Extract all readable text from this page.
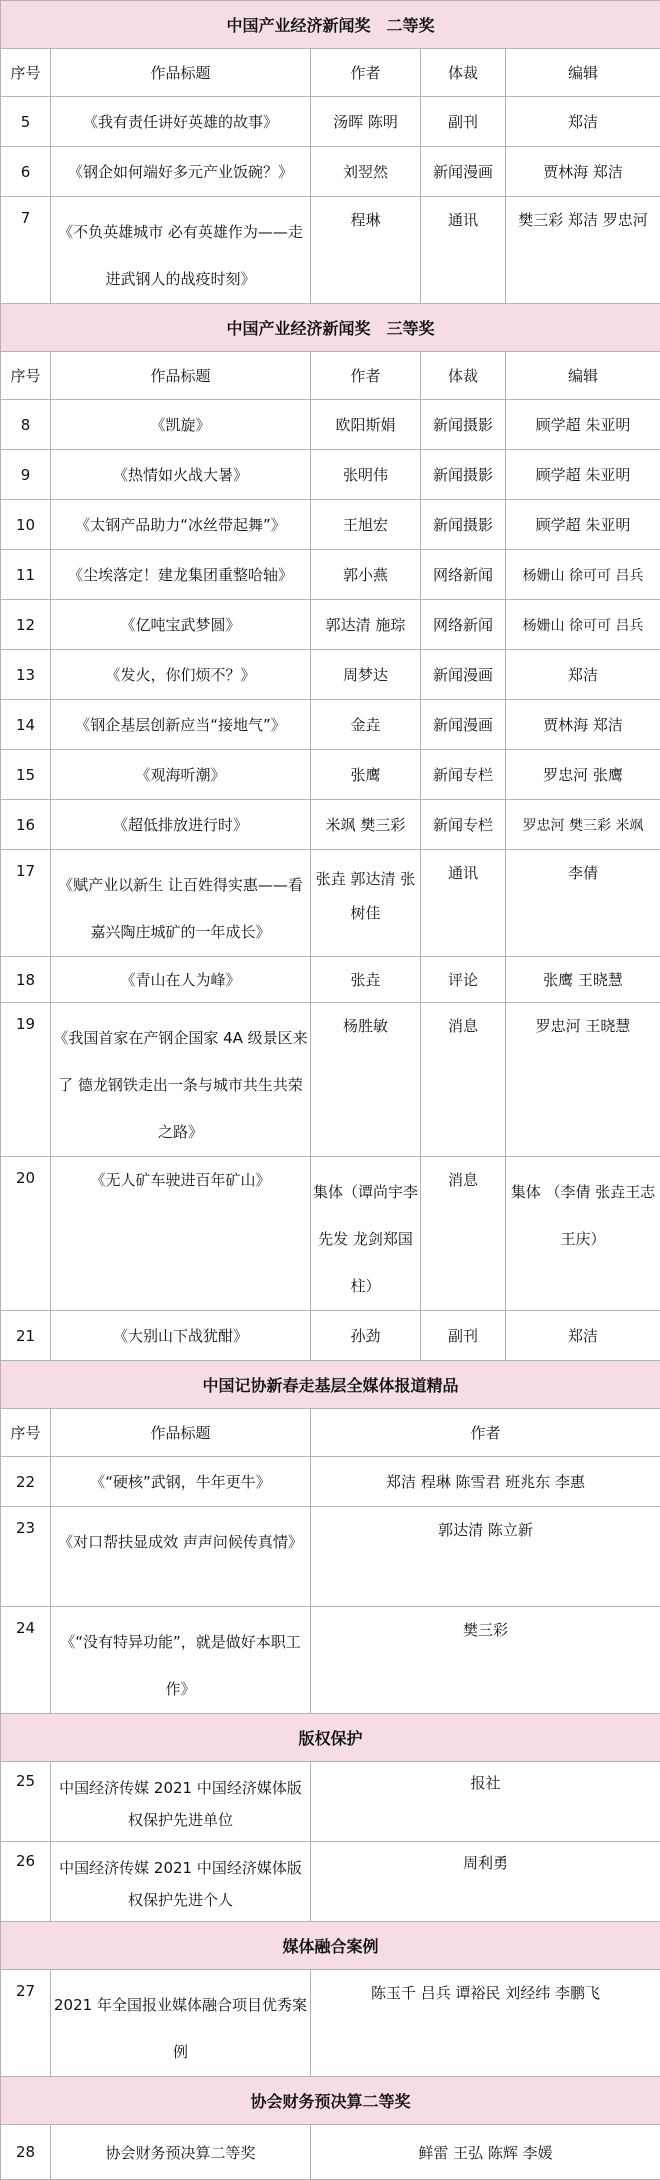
中国产业经济新闻奖　二等奖				
序号	作品标题	作者	体裁	编辑
5	《我有责任讲好英雄的故事》	汤晖 陈明	副刊	郑洁
6	《钢企如何端好多元产业饭碗？》	刘翌然	新闻漫画	贾林海 郑洁
7	《不负英雄城市 必有英雄作为——走进武钢人的战疫时刻》	程琳	通讯	樊三彩 郑洁 罗忠河
中国产业经济新闻奖　三等奖				
序号	作品标题	作者	体裁	编辑
8	《凯旋》	欧阳斯娟	新闻摄影	顾学超 朱亚明
9	《热情如火战大暑》	张明伟	新闻摄影	顾学超 朱亚明
10	《太钢产品助力“冰丝带起舞”》	王旭宏	新闻摄影	顾学超 朱亚明
11	《尘埃落定！建龙集团重整哈轴》	郭小燕	网络新闻	杨姗山 徐可可 吕兵
12	《亿吨宝武梦圆》	郭达清 施琮	网络新闻	杨姗山 徐可可 吕兵
13	《发火，你们烦不？》	周梦达	新闻漫画	郑洁
14	《钢企基层创新应当“接地气”》	金垚	新闻漫画	贾林海 郑洁
15	《观海听潮》	张鹰	新闻专栏	罗忠河 张鹰
16	《超低排放进行时》	米飒 樊三彩	新闻专栏	罗忠河 樊三彩 米飒
17	《赋产业以新生 让百姓得实惠——看嘉兴陶庄城矿的一年成长》	张垚 郭达清 张树佳	通讯	李倩
18	《青山在人为峰》	张垚	评论	张鹰 王晓慧
19	《我国首家在产钢企国家 4A 级景区来了 德龙钢铁走出一条与城市共生共荣之路》	杨胜敏	消息	罗忠河 王晓慧
20	《无人矿车驶进百年矿山》	集体（谭尚宇李先发 龙剑郑国柱）	消息	集体 （李倩 张垚王志 王庆）
21	《大别山下战犹酣》	孙劲	副刊	郑洁
中国记协新春走基层全媒体报道精品				
序号	作品标题	作者		
22	《“硬核”武钢，牛年更牛》	郑洁 程琳 陈雪君 班兆东 李惠		
23	《对口帮扶显成效 声声问候传真情》	郭达清 陈立新		
24	《“没有特异功能”，就是做好本职工作》	樊三彩		
版权保护				
25	中国经济传媒 2021 中国经济媒体版权保护先进单位	报社		
26	中国经济传媒 2021 中国经济媒体版权保护先进个人	周利勇		
媒体融合案例				
27	2021 年全国报业媒体融合项目优秀案例	陈玉千 吕兵 谭裕民 刘经纬 李鹏飞		
协会财务预决算二等奖				
28	协会财务预决算二等奖	鲜雷 王弘 陈辉 李媛		
